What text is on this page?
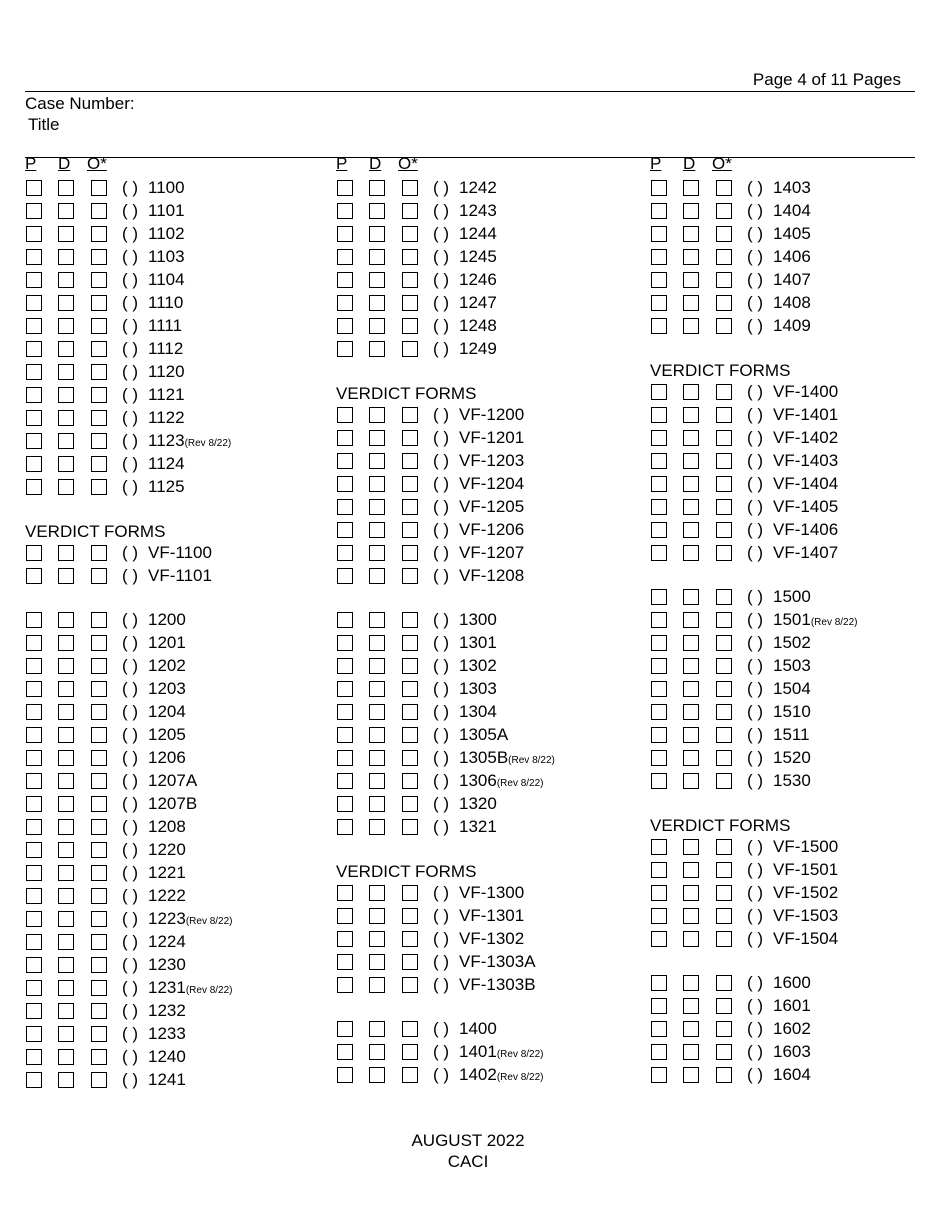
Page 4 of 11 Pages
Case Number:
Title
P D O*
( ) 1100
( ) 1101
( ) 1102
( ) 1103
( ) 1104
( ) 1110
( ) 1111
( ) 1112
( ) 1120
( ) 1121
( ) 1122
( ) 1123(Rev 8/22)
( ) 1124
( ) 1125
VERDICT FORMS
( ) VF-1100
( ) VF-1101
( ) 1200
( ) 1201
( ) 1202
( ) 1203
( ) 1204
( ) 1205
( ) 1206
( ) 1207A
( ) 1207B
( ) 1208
( ) 1220
( ) 1221
( ) 1222
( ) 1223(Rev 8/22)
( ) 1224
( ) 1230
( ) 1231(Rev 8/22)
( ) 1232
( ) 1233
( ) 1240
( ) 1241
P D O*
( ) 1242
( ) 1243
( ) 1244
( ) 1245
( ) 1246
( ) 1247
( ) 1248
( ) 1249
VERDICT FORMS
( ) VF-1200
( ) VF-1201
( ) VF-1203
( ) VF-1204
( ) VF-1205
( ) VF-1206
( ) VF-1207
( ) VF-1208
( ) 1300
( ) 1301
( ) 1302
( ) 1303
( ) 1304
( ) 1305A
( ) 1305B(Rev 8/22)
( ) 1306(Rev 8/22)
( ) 1320
( ) 1321
VERDICT FORMS
( ) VF-1300
( ) VF-1301
( ) VF-1302
( ) VF-1303A
( ) VF-1303B
( ) 1400
( ) 1401(Rev 8/22)
( ) 1402(Rev 8/22)
P D O*
( ) 1403
( ) 1404
( ) 1405
( ) 1406
( ) 1407
( ) 1408
( ) 1409
VERDICT FORMS
( ) VF-1400
( ) VF-1401
( ) VF-1402
( ) VF-1403
( ) VF-1404
( ) VF-1405
( ) VF-1406
( ) VF-1407
( ) 1500
( ) 1501(Rev 8/22)
( ) 1502
( ) 1503
( ) 1504
( ) 1510
( ) 1511
( ) 1520
( ) 1530
VERDICT FORMS
( ) VF-1500
( ) VF-1501
( ) VF-1502
( ) VF-1503
( ) VF-1504
( ) 1600
( ) 1601
( ) 1602
( ) 1603
( ) 1604
AUGUST 2022
CACI
